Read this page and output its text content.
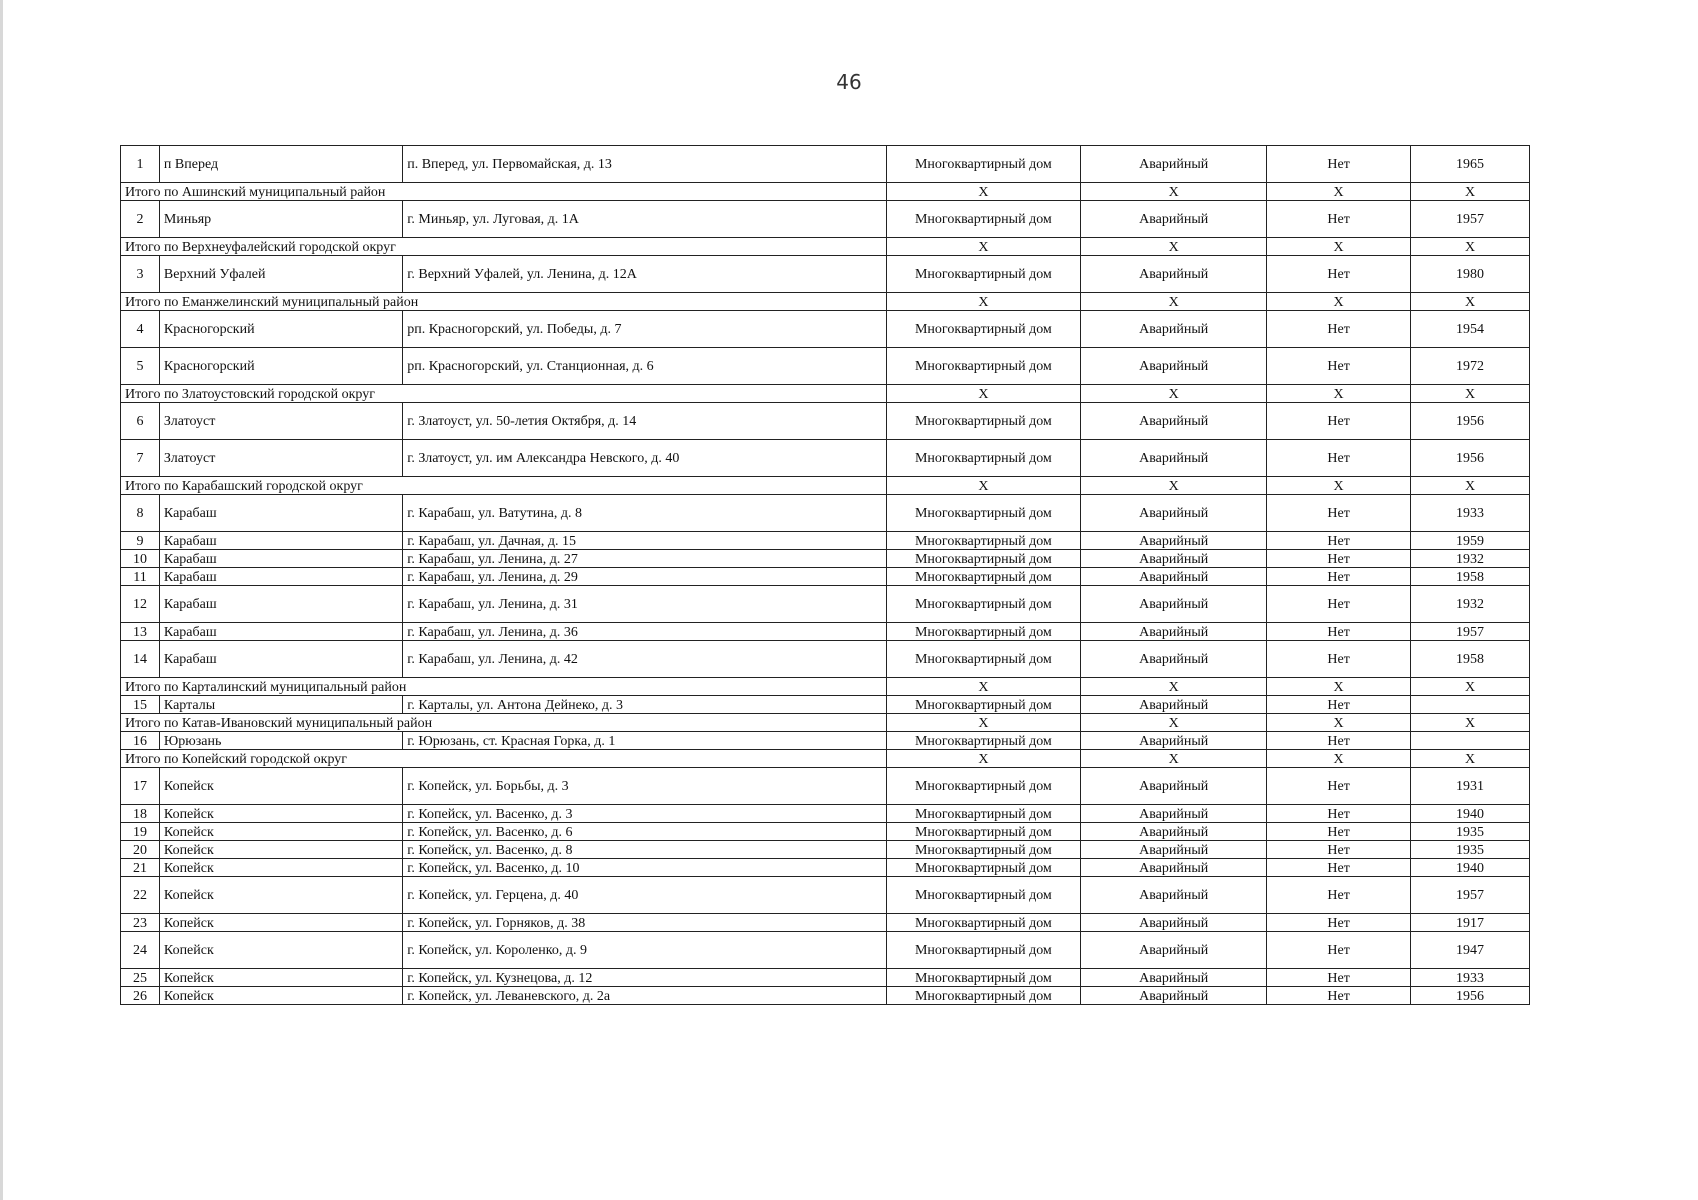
46
1	п Вперед	п. Вперед, ул. Первомайская, д. 13	Многоквартирный дом	Аварийный	Нет	1965
Итого по Ашинский муниципальный район			X	X	X	X
2	Миньяр	г. Миньяр, ул. Луговая, д. 1А	Многоквартирный дом	Аварийный	Нет	1957
Итого по Верхнеуфалейский городской округ			X	X	X	X
3	Верхний Уфалей	г. Верхний Уфалей, ул. Ленина, д. 12А	Многоквартирный дом	Аварийный	Нет	1980
Итого по Еманжелинский муниципальный район			X	X	X	X
4	Красногорский	рп. Красногорский, ул. Победы, д. 7	Многоквартирный дом	Аварийный	Нет	1954
5	Красногорский	рп. Красногорский, ул. Станционная, д. 6	Многоквартирный дом	Аварийный	Нет	1972
Итого по Златоустовский городской округ			X	X	X	X
6	Златоуст	г. Златоуст, ул. 50-летия Октября, д. 14	Многоквартирный дом	Аварийный	Нет	1956
7	Златоуст	г. Златоуст, ул. им Александра Невского, д. 40	Многоквартирный дом	Аварийный	Нет	1956
Итого по Карабашский городской округ			X	X	X	X
8	Карабаш	г. Карабаш, ул. Ватутина, д. 8	Многоквартирный дом	Аварийный	Нет	1933
9	Карабаш	г. Карабаш, ул. Дачная, д. 15	Многоквартирный дом	Аварийный	Нет	1959
10	Карабаш	г. Карабаш, ул. Ленина, д. 27	Многоквартирный дом	Аварийный	Нет	1932
11	Карабаш	г. Карабаш, ул. Ленина, д. 29	Многоквартирный дом	Аварийный	Нет	1958
12	Карабаш	г. Карабаш, ул. Ленина, д. 31	Многоквартирный дом	Аварийный	Нет	1932
13	Карабаш	г. Карабаш, ул. Ленина, д. 36	Многоквартирный дом	Аварийный	Нет	1957
14	Карабаш	г. Карабаш, ул. Ленина, д. 42	Многоквартирный дом	Аварийный	Нет	1958
Итого по Карталинский муниципальный район			X	X	X	X
15	Карталы	г. Карталы, ул. Антона Дейнеко, д. 3	Многоквартирный дом	Аварийный	Нет	
Итого по Катав-Ивановский муниципальный район			X	X	X	X
16	Юрюзань	г. Юрюзань, ст. Красная Горка, д. 1	Многоквартирный дом	Аварийный	Нет	
Итого по Копейский городской округ			X	X	X	X
17	Копейск	г. Копейск, ул. Борьбы, д. 3	Многоквартирный дом	Аварийный	Нет	1931
18	Копейск	г. Копейск, ул. Васенко, д. 3	Многоквартирный дом	Аварийный	Нет	1940
19	Копейск	г. Копейск, ул. Васенко, д. 6	Многоквартирный дом	Аварийный	Нет	1935
20	Копейск	г. Копейск, ул. Васенко, д. 8	Многоквартирный дом	Аварийный	Нет	1935
21	Копейск	г. Копейск, ул. Васенко, д. 10	Многоквартирный дом	Аварийный	Нет	1940
22	Копейск	г. Копейск, ул. Герцена, д. 40	Многоквартирный дом	Аварийный	Нет	1957
23	Копейск	г. Копейск, ул. Горняков, д. 38	Многоквартирный дом	Аварийный	Нет	1917
24	Копейск	г. Копейск, ул. Короленко, д. 9	Многоквартирный дом	Аварийный	Нет	1947
25	Копейск	г. Копейск, ул. Кузнецова, д. 12	Многоквартирный дом	Аварийный	Нет	1933
26	Копейск	г. Копейск, ул. Леваневского, д. 2а	Многоквартирный дом	Аварийный	Нет	1956
